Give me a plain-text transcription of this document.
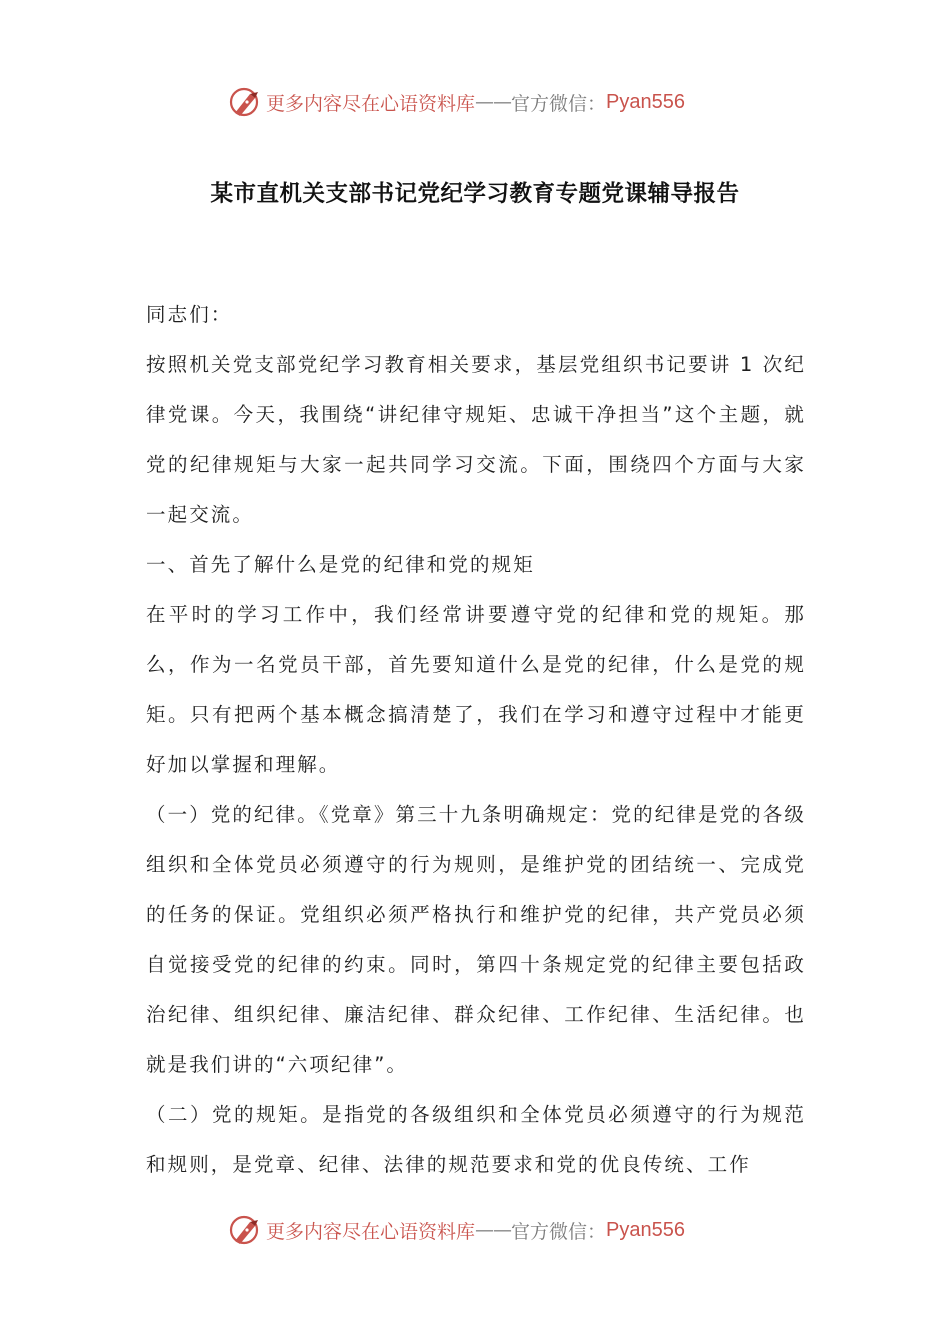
更多内容尽在心语资料库 —— 官方微信： Pyan556
某市直机关支部书记党纪学习教育专题党课辅导报告

同志们：

按照机关党支部党纪学习教育相关要求，基层党组织书记要讲 1 次纪律党课。今天，我围绕“讲纪律守规矩、忠诚干净担当”这个主题，就党的纪律规矩与大家一起共同学习交流。下面，围绕四个方面与大家一起交流。

一、首先了解什么是党的纪律和党的规矩

在平时的学习工作中，我们经常讲要遵守党的纪律和党的规矩。那么，作为一名党员干部，首先要知道什么是党的纪律，什么是党的规矩。只有把两个基本概念搞清楚了，我们在学习和遵守过程中才能更好加以掌握和理解。

（一）党的纪律。《党章》第三十九条明确规定：党的纪律是党的各级组织和全体党员必须遵守的行为规则，是维护党的团结统一、完成党的任务的保证。党组织必须严格执行和维护党的纪律，共产党员必须自觉接受党的纪律的约束。同时，第四十条规定党的纪律主要包括政治纪律、组织纪律、廉洁纪律、群众纪律、工作纪律、生活纪律。也就是我们讲的“六项纪律”。

（二）党的规矩。是指党的各级组织和全体党员必须遵守的行为规范和规则，是党章、纪律、法律的规范要求和党的优良传统、工作

更多内容尽在心语资料库 —— 官方微信： Pyan556
